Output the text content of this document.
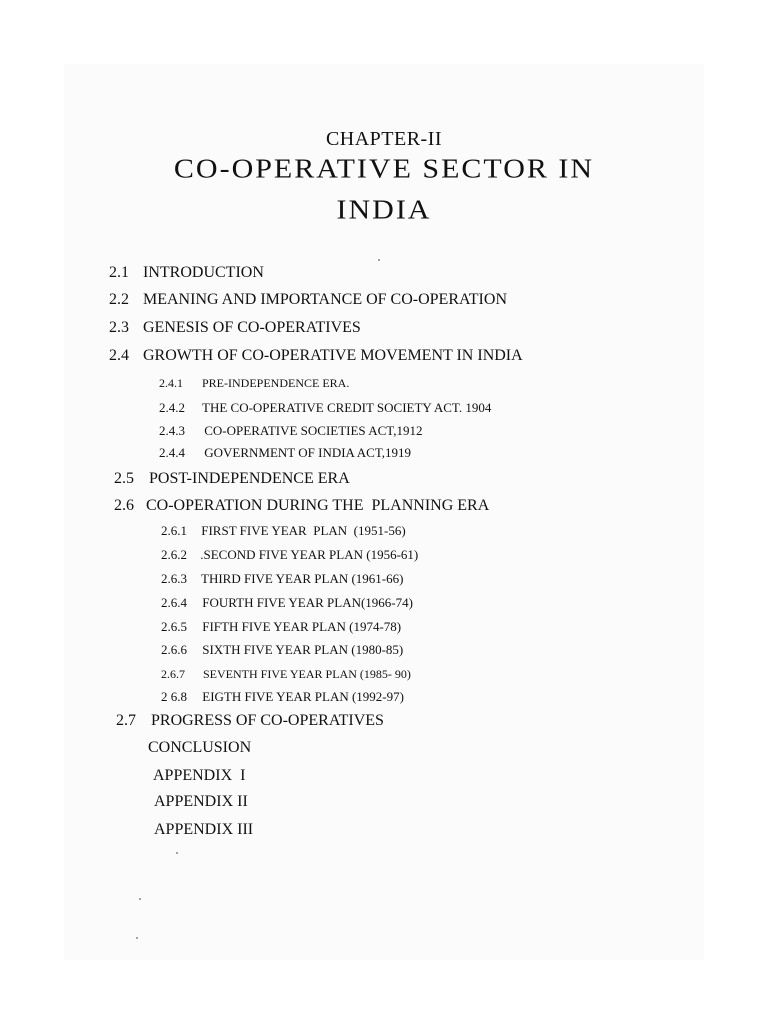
CHAPTER-II
CO-OPERATIVE SECTOR IN
INDIA
2.1 INTRODUCTION
2.2 MEANING AND IMPORTANCE OF CO-OPERATION
2.3 GENESIS OF CO-OPERATIVES
2.4 GROWTH OF CO-OPERATIVE MOVEMENT IN INDIA
2.4.1 PRE-INDEPENDENCE ERA.
2.4.2 THE CO-OPERATIVE CREDIT SOCIETY ACT. 1904
2.4.3 CO-OPERATIVE SOCIETIES ACT,1912
2.4.4 GOVERNMENT OF INDIA ACT,1919
2.5 POST-INDEPENDENCE ERA
2.6 CO-OPERATION DURING THE  PLANNING ERA
2.6.1 FIRST FIVE YEAR  PLAN  (1951-56)
2.6.2 .SECOND FIVE YEAR PLAN (1956-61)
2.6.3 THIRD FIVE YEAR PLAN (1961-66)
2.6.4 FOURTH FIVE YEAR PLAN(1966-74)
2.6.5 FIFTH FIVE YEAR PLAN (1974-78)
2.6.6 SIXTH FIVE YEAR PLAN (1980-85)
2.6.7 SEVENTH FIVE YEAR PLAN (1985- 90)
2 6.8 EIGTH FIVE YEAR PLAN (1992-97)
2.7 PROGRESS OF CO-OPERATIVES
CONCLUSION
APPENDIX  I
APPENDIX II
APPENDIX III
